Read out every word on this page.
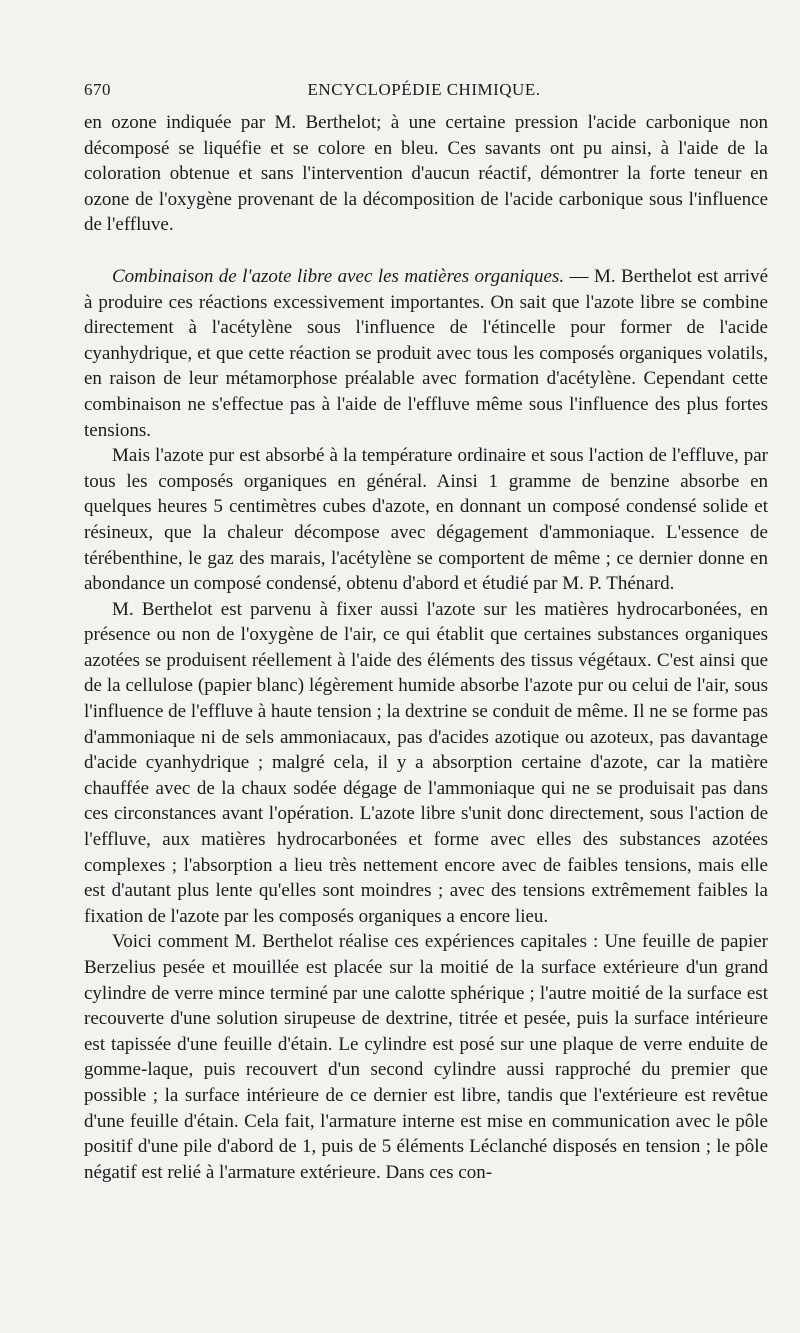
670	ENCYCLOPÉDIE CHIMIQUE.

en ozone indiquée par M. Berthelot; à une certaine pression l'acide carbonique non décomposé se liquéfie et se colore en bleu. Ces savants ont pu ainsi, à l'aide de la coloration obtenue et sans l'intervention d'aucun réactif, démontrer la forte teneur en ozone de l'oxygène provenant de la décomposition de l'acide carbonique sous l'influence de l'effluve.

Combinaison de l'azote libre avec les matières organiques. — M. Berthelot est arrivé à produire ces réactions excessivement importantes. On sait que l'azote libre se combine directement à l'acétylène sous l'influence de l'étincelle pour former de l'acide cyanhydrique, et que cette réaction se produit avec tous les composés organiques volatils, en raison de leur métamorphose préalable avec formation d'acétylène. Cependant cette combinaison ne s'effectue pas à l'aide de l'effluve même sous l'influence des plus fortes tensions.

Mais l'azote pur est absorbé à la température ordinaire et sous l'action de l'effluve, par tous les composés organiques en général. Ainsi 1 gramme de benzine absorbe en quelques heures 5 centimètres cubes d'azote, en donnant un composé condensé solide et résineux, que la chaleur décompose avec dégagement d'ammoniaque. L'essence de térébenthine, le gaz des marais, l'acétylène se comportent de même ; ce dernier donne en abondance un composé condensé, obtenu d'abord et étudié par M. P. Thénard.

M. Berthelot est parvenu à fixer aussi l'azote sur les matières hydrocarbonées, en présence ou non de l'oxygène de l'air, ce qui établit que certaines substances organiques azotées se produisent réellement à l'aide des éléments des tissus végétaux. C'est ainsi que de la cellulose (papier blanc) légèrement humide absorbe l'azote pur ou celui de l'air, sous l'influence de l'effluve à haute tension ; la dextrine se conduit de même. Il ne se forme pas d'ammoniaque ni de sels ammoniacaux, pas d'acides azotique ou azoteux, pas davantage d'acide cyanhydrique ; malgré cela, il y a absorption certaine d'azote, car la matière chauffée avec de la chaux sodée dégage de l'ammoniaque qui ne se produisait pas dans ces circonstances avant l'opération. L'azote libre s'unit donc directement, sous l'action de l'effluve, aux matières hydrocarbonées et forme avec elles des substances azotées complexes ; l'absorption a lieu très nettement encore avec de faibles tensions, mais elle est d'autant plus lente qu'elles sont moindres ; avec des tensions extrêmement faibles la fixation de l'azote par les composés organiques a encore lieu.

Voici comment M. Berthelot réalise ces expériences capitales : Une feuille de papier Berzelius pesée et mouillée est placée sur la moitié de la surface extérieure d'un grand cylindre de verre mince terminé par une calotte sphérique ; l'autre moitié de la surface est recouverte d'une solution sirupeuse de dextrine, titrée et pesée, puis la surface intérieure est tapissée d'une feuille d'étain. Le cylindre est posé sur une plaque de verre enduite de gomme-laque, puis recouvert d'un second cylindre aussi rapproché du premier que possible ; la surface intérieure de ce dernier est libre, tandis que l'extérieure est revêtue d'une feuille d'étain. Cela fait, l'armature interne est mise en communication avec le pôle positif d'une pile d'abord de 1, puis de 5 éléments Léclanché disposés en tension ; le pôle négatif est relié à l'armature extérieure. Dans ces con-
